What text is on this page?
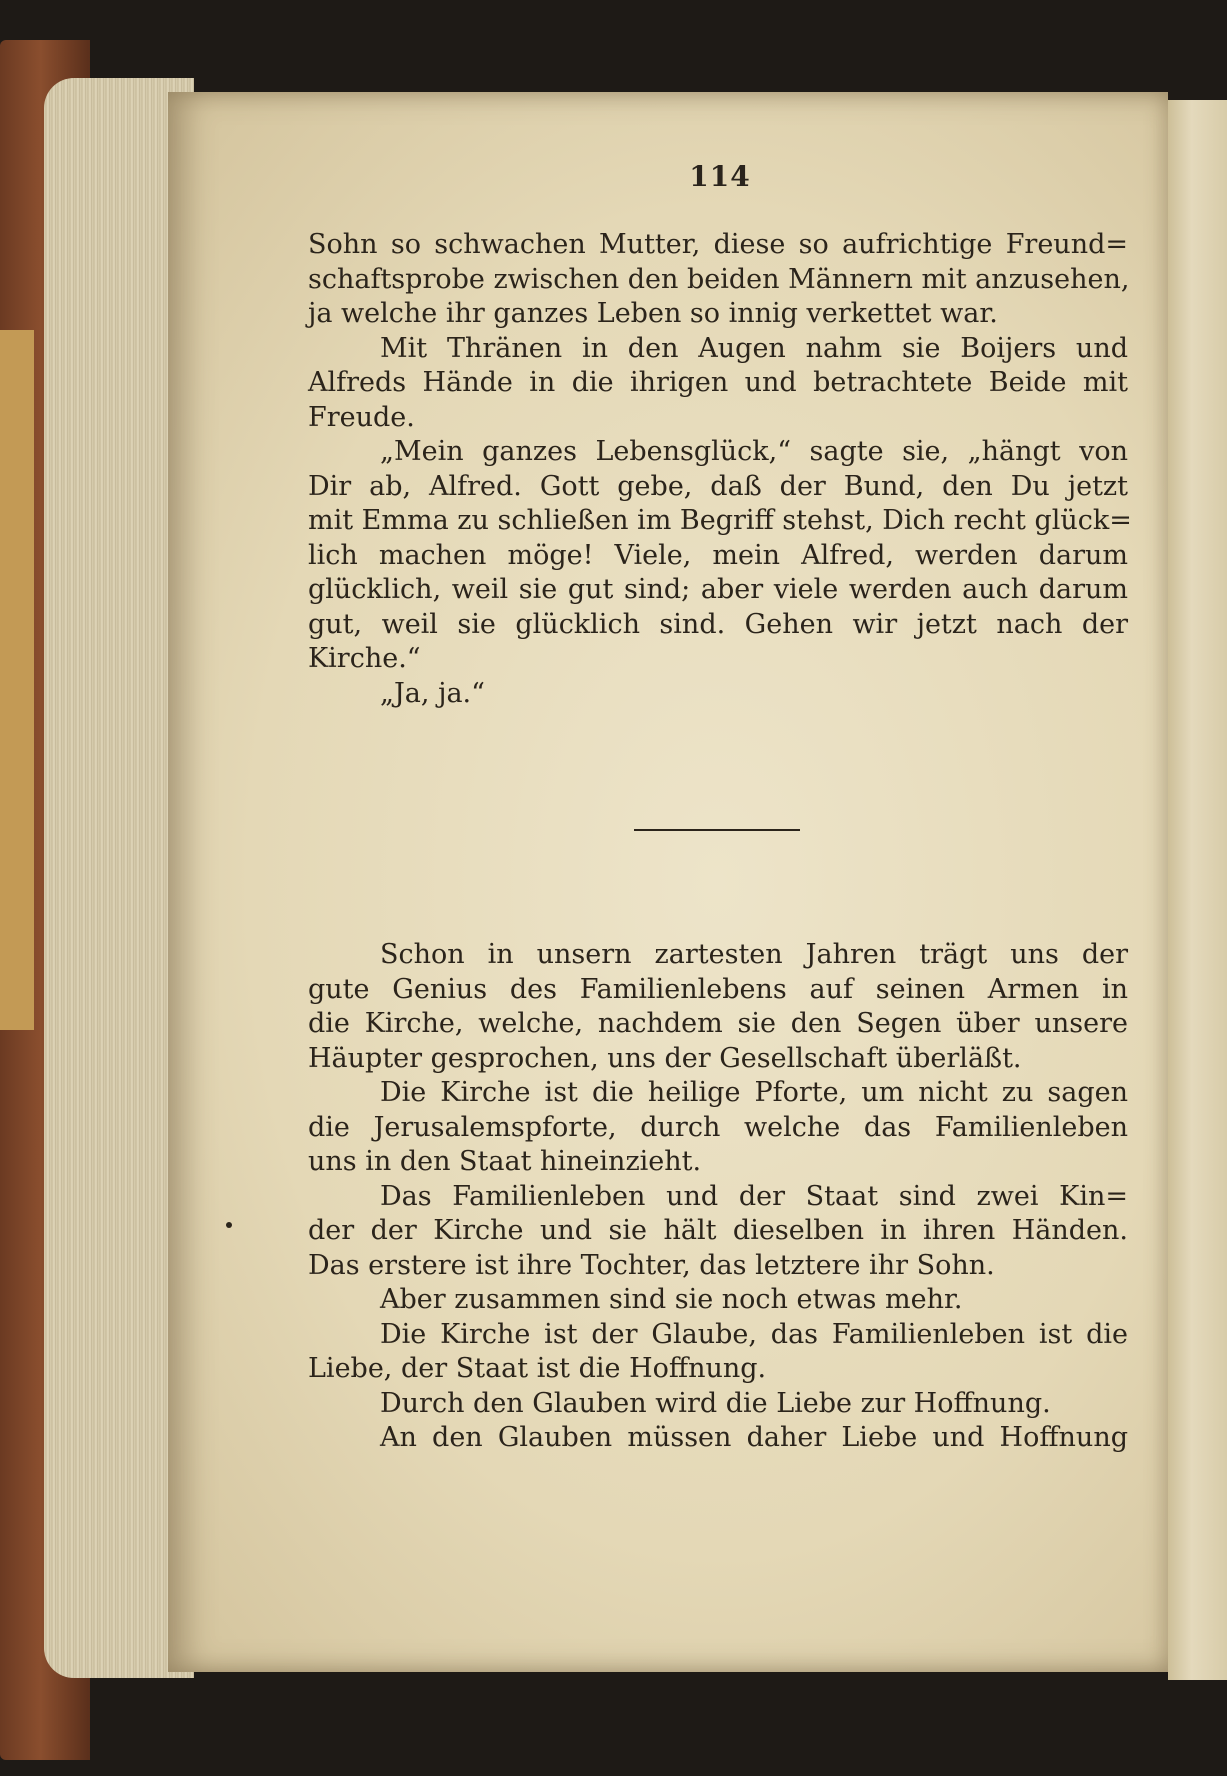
114
Sohn so schwachen Mutter, diese so aufrichtige Freund=
schaftsprobe zwischen den beiden Männern mit anzusehen,
ja welche ihr ganzes Leben so innig verkettet war.
Mit Thränen in den Augen nahm sie Boijers und
Alfreds Hände in die ihrigen und betrachtete Beide mit
Freude.
„Mein ganzes Lebensglück,“ sagte sie, „hängt von
Dir ab, Alfred. Gott gebe, daß der Bund, den Du jetzt
mit Emma zu schließen im Begriff stehst, Dich recht glück=
lich machen möge! Viele, mein Alfred, werden darum
glücklich, weil sie gut sind; aber viele werden auch darum
gut, weil sie glücklich sind. Gehen wir jetzt nach der
Kirche.“
„Ja, ja.“
Schon in unsern zartesten Jahren trägt uns der
gute Genius des Familienlebens auf seinen Armen in
die Kirche, welche, nachdem sie den Segen über unsere
Häupter gesprochen, uns der Gesellschaft überläßt.
Die Kirche ist die heilige Pforte, um nicht zu sagen
die Jerusalemspforte, durch welche das Familienleben
uns in den Staat hineinzieht.
Das Familienleben und der Staat sind zwei Kin=
der der Kirche und sie hält dieselben in ihren Händen.
Das erstere ist ihre Tochter, das letztere ihr Sohn.
Aber zusammen sind sie noch etwas mehr.
Die Kirche ist der Glaube, das Familienleben ist die
Liebe, der Staat ist die Hoffnung.
Durch den Glauben wird die Liebe zur Hoffnung.
An den Glauben müssen daher Liebe und Hoffnung
